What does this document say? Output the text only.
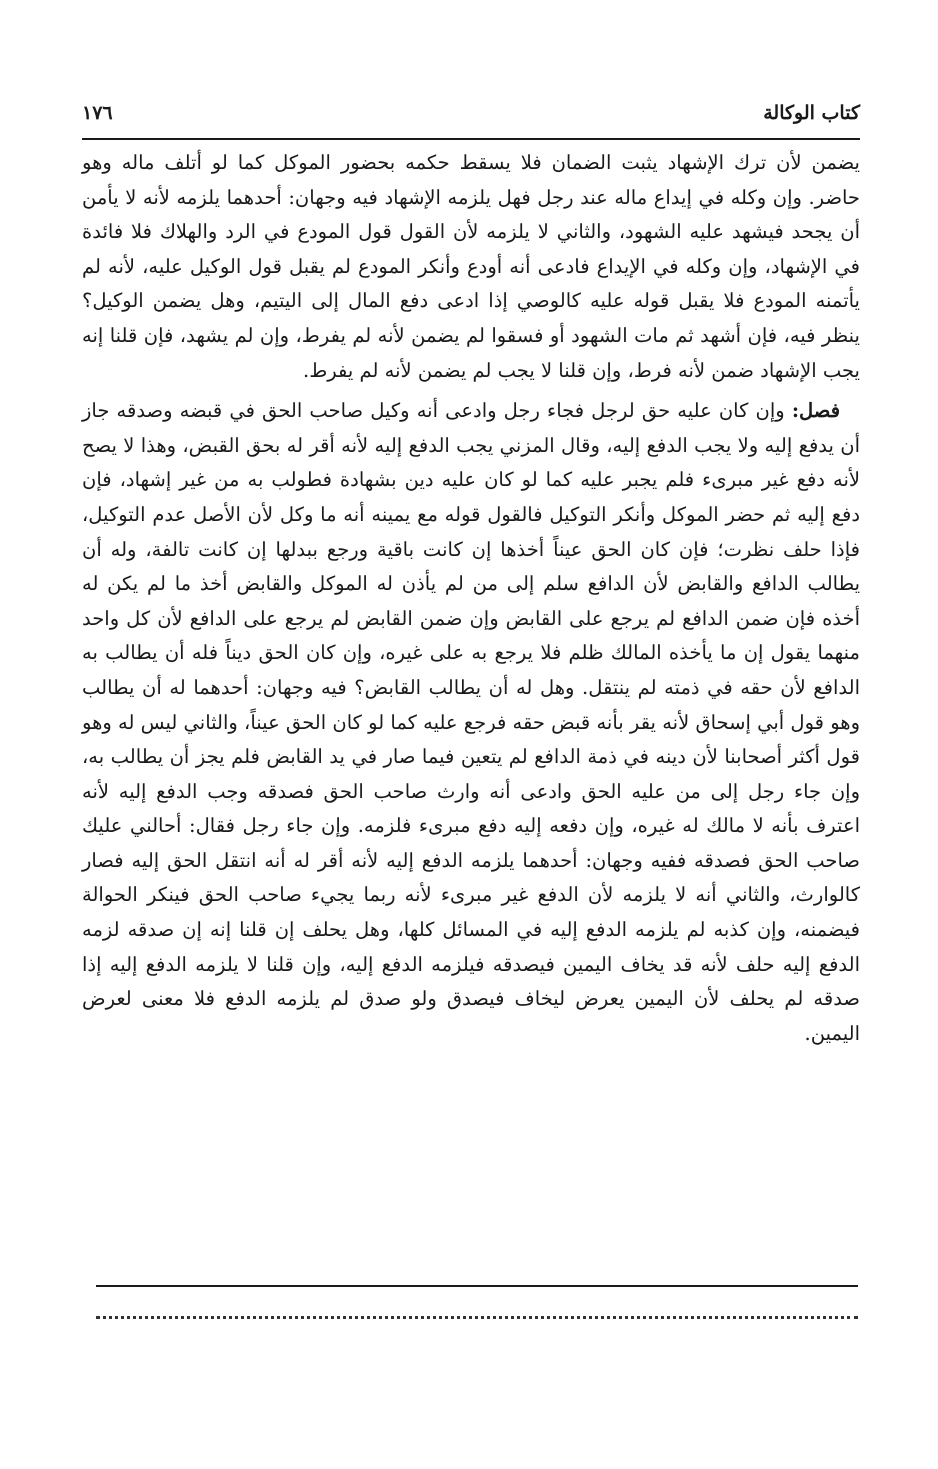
كتاب الوكالة
١٧٦

يضمن لأن ترك الإشهاد يثبت الضمان فلا يسقط حكمه بحضور الموكل كما لو أتلف ماله وهو حاضر. وإن وكله في إيداع ماله عند رجل فهل يلزمه الإشهاد فيه وجهان: أحدهما يلزمه لأنه لا يأمن أن يجحد فيشهد عليه الشهود، والثاني لا يلزمه لأن القول قول المودع في الرد والهلاك فلا فائدة في الإشهاد، وإن وكله في الإيداع فادعى أنه أودع وأنكر المودع لم يقبل قول الوكيل عليه، لأنه لم يأتمنه المودع فلا يقبل قوله عليه كالوصي إذا ادعى دفع المال إلى اليتيم، وهل يضمن الوكيل؟ ينظر فيه، فإن أشهد ثم مات الشهود أو فسقوا لم يضمن لأنه لم يفرط، وإن لم يشهد، فإن قلنا إنه يجب الإشهاد ضمن لأنه فرط، وإن قلنا لا يجب لم يضمن لأنه لم يفرط.

فصل: وإن كان عليه حق لرجل فجاء رجل وادعى أنه وكيل صاحب الحق في قبضه وصدقه جاز أن يدفع إليه ولا يجب الدفع إليه، وقال المزني يجب الدفع إليه لأنه أقر له بحق القبض، وهذا لا يصح لأنه دفع غير مبرىء فلم يجبر عليه كما لو كان عليه دين بشهادة فطولب به من غير إشهاد، فإن دفع إليه ثم حضر الموكل وأنكر التوكيل فالقول قوله مع يمينه أنه ما وكل لأن الأصل عدم التوكيل، فإذا حلف نظرت؛ فإن كان الحق عيناً أخذها إن كانت باقية ورجع ببدلها إن كانت تالفة، وله أن يطالب الدافع والقابض لأن الدافع سلم إلى من لم يأذن له الموكل والقابض أخذ ما لم يكن له أخذه فإن ضمن الدافع لم يرجع على القابض وإن ضمن القابض لم يرجع على الدافع لأن كل واحد منهما يقول إن ما يأخذه المالك ظلم فلا يرجع به على غيره، وإن كان الحق ديناً فله أن يطالب به الدافع لأن حقه في ذمته لم ينتقل. وهل له أن يطالب القابض؟ فيه وجهان: أحدهما له أن يطالب وهو قول أبي إسحاق لأنه يقر بأنه قبض حقه فرجع عليه كما لو كان الحق عيناً، والثاني ليس له وهو قول أكثر أصحابنا لأن دينه في ذمة الدافع لم يتعين فيما صار في يد القابض فلم يجز أن يطالب به، وإن جاء رجل إلى من عليه الحق وادعى أنه وارث صاحب الحق فصدقه وجب الدفع إليه لأنه اعترف بأنه لا مالك له غيره، وإن دفعه إليه دفع مبرىء فلزمه. وإن جاء رجل فقال: أحالني عليك صاحب الحق فصدقه ففيه وجهان: أحدهما يلزمه الدفع إليه لأنه أقر له أنه انتقل الحق إليه فصار كالوارث، والثاني أنه لا يلزمه لأن الدفع غير مبرىء لأنه ربما يجيء صاحب الحق فينكر الحوالة فيضمنه، وإن كذبه لم يلزمه الدفع إليه في المسائل كلها، وهل يحلف إن قلنا إنه إن صدقه لزمه الدفع إليه حلف لأنه قد يخاف اليمين فيصدقه فيلزمه الدفع إليه، وإن قلنا لا يلزمه الدفع إليه إذا صدقه لم يحلف لأن اليمين يعرض ليخاف فيصدق ولو صدق لم يلزمه الدفع فلا معنى لعرض اليمين.
